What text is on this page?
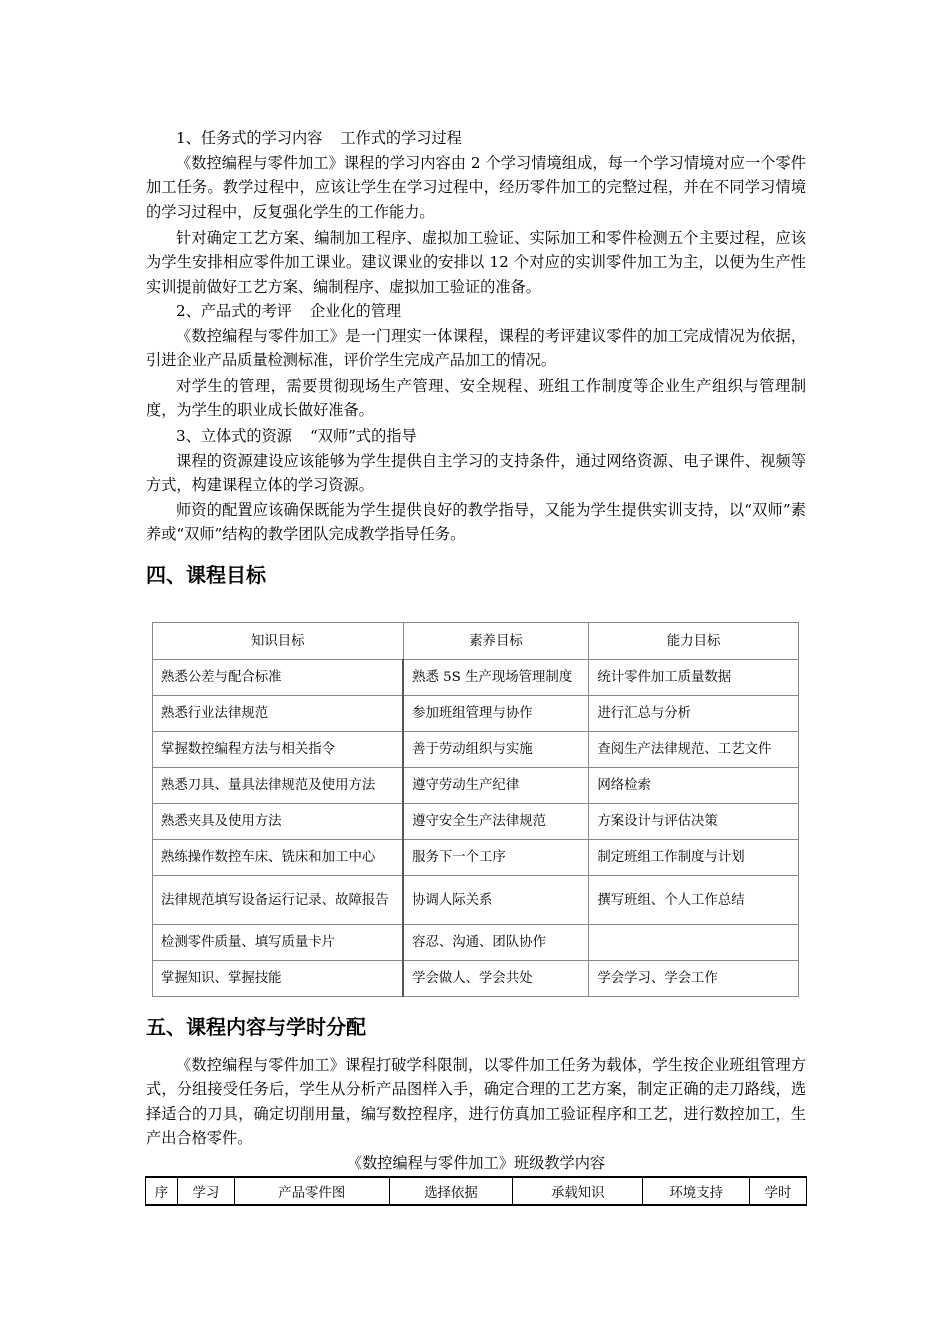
1、任务式的学习内容 工作式的学习过程

《数控编程与零件加工》课程的学习内容由 2 个学习情境组成，每一个学习情境对应一个零件加工任务。教学过程中，应该让学生在学习过程中，经历零件加工的完整过程，并在不同学习情境的学习过程中，反复强化学生的工作能力。

针对确定工艺方案、编制加工程序、虚拟加工验证、实际加工和零件检测五个主要过程，应该为学生安排相应零件加工课业。建议课业的安排以 12 个对应的实训零件加工为主，以便为生产性实训提前做好工艺方案、编制程序、虚拟加工验证的准备。

2、产品式的考评 企业化的管理

《数控编程与零件加工》是一门理实一体课程，课程的考评建议零件的加工完成情况为依据，引进企业产品质量检测标准，评价学生完成产品加工的情况。

对学生的管理，需要贯彻现场生产管理、安全规程、班组工作制度等企业生产组织与管理制度，为学生的职业成长做好准备。

3、立体式的资源 “双师”式的指导

课程的资源建设应该能够为学生提供自主学习的支持条件，通过网络资源、电子课件、视频等方式，构建课程立体的学习资源。

师资的配置应该确保既能为学生提供良好的教学指导，又能为学生提供实训支持，以“双师”素养或“双师”结构的教学团队完成教学指导任务。

四、课程目标
知识目标	素养目标	能力目标
熟悉公差与配合标准	熟悉 5S 生产现场管理制度	统计零件加工质量数据
熟悉行业法律规范	参加班组管理与协作	进行汇总与分析
掌握数控编程方法与相关指令	善于劳动组织与实施	查阅生产法律规范、工艺文件
熟悉刀具、量具法律规范及使用方法	遵守劳动生产纪律	网络检索
熟悉夹具及使用方法	遵守安全生产法律规范	方案设计与评估决策
熟练操作数控车床、铣床和加工中心	服务下一个工序	制定班组工作制度与计划
法律规范填写设备运行记录、故障报告	协调人际关系	撰写班组、个人工作总结
检测零件质量、填写质量卡片	容忍、沟通、团队协作	
掌握知识、掌握技能	学会做人、学会共处	学会学习、学会工作
五、课程内容与学时分配

《数控编程与零件加工》课程打破学科限制，以零件加工任务为载体，学生按企业班组管理方式，分组接受任务后，学生从分析产品图样入手，确定合理的工艺方案，制定正确的走刀路线，选择适合的刀具，确定切削用量，编写数控程序，进行仿真加工验证程序和工艺，进行数控加工，生产出合格零件。

《数控编程与零件加工》班级教学内容
序	学习	产品零件图	选择依据	承载知识	环境支持	学时
